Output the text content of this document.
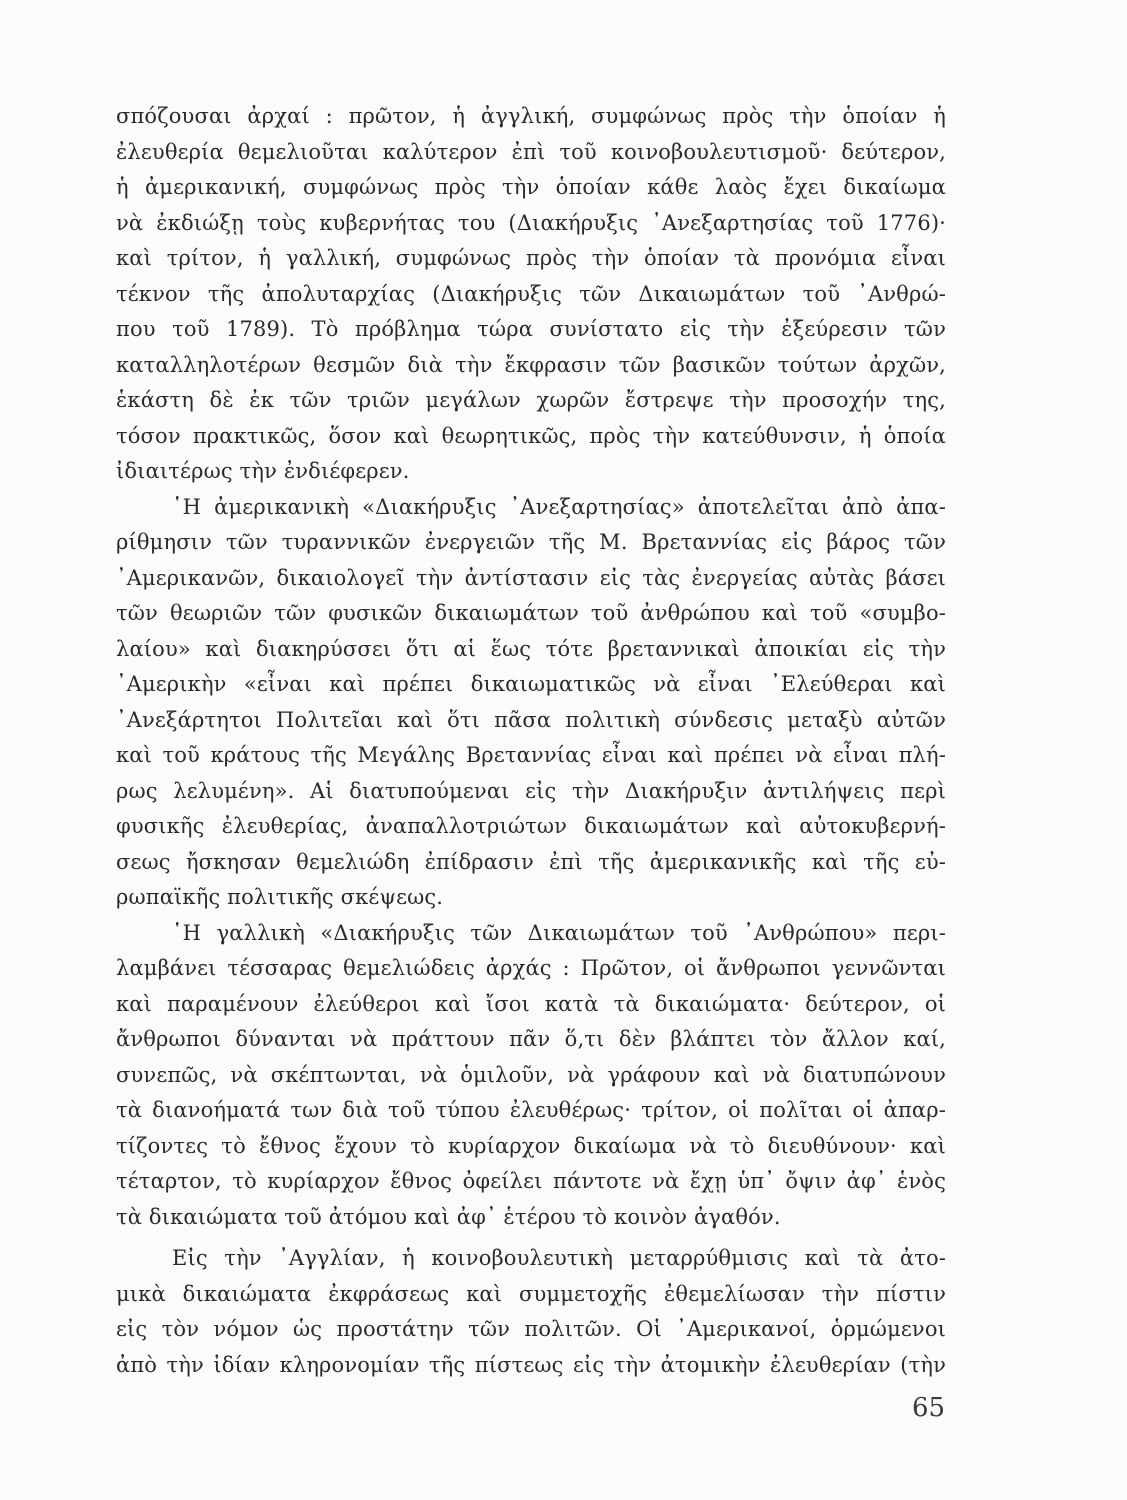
σπόζουσαι ἀρχαί : πρῶτον, ἡ ἀγγλική, συμφώνως πρὸς τὴν ὁποίαν ἡ
ἐλευθερία θεμελιοῦται καλύτερον ἐπὶ τοῦ κοινοβουλευτισμοῦ· δεύτερον,
ἡ ἀμερικανική, συμφώνως πρὸς τὴν ὁποίαν κάθε λαὸς ἔχει δικαίωμα
νὰ ἐκδιώξῃ τοὺς κυβερνήτας του (Διακήρυξις ᾿Ανεξαρτησίας τοῦ 1776)·
καὶ τρίτον, ἡ γαλλική, συμφώνως πρὸς τὴν ὁποίαν τὰ προνόμια εἶναι
τέκνον τῆς ἀπολυταρχίας (Διακήρυξις τῶν Δικαιωμάτων τοῦ ᾿Ανθρώ-
που τοῦ 1789). Τὸ πρόβλημα τώρα συνίστατο εἰς τὴν ἐξεύρεσιν τῶν
καταλληλοτέρων θεσμῶν διὰ τὴν ἔκφρασιν τῶν βασικῶν τούτων ἀρχῶν,
ἑκάστη δὲ ἐκ τῶν τριῶν μεγάλων χωρῶν ἔστρεψε τὴν προσοχήν της,
τόσον πρακτικῶς, ὅσον καὶ θεωρητικῶς, πρὸς τὴν κατεύθυνσιν, ἡ ὁποία
ἰδιαιτέρως τὴν ἐνδιέφερεν.
῾Η ἀμερικανικὴ «Διακήρυξις ᾿Ανεξαρτησίας» ἀποτελεῖται ἀπὸ ἀπα-
ρίθμησιν τῶν τυραννικῶν ἐνεργειῶν τῆς Μ. Βρεταννίας εἰς βάρος τῶν
᾿Αμερικανῶν, δικαιολογεῖ τὴν ἀντίστασιν εἰς τὰς ἐνεργείας αὐτὰς βάσει
τῶν θεωριῶν τῶν φυσικῶν δικαιωμάτων τοῦ ἀνθρώπου καὶ τοῦ «συμβο-
λαίου» καὶ διακηρύσσει ὅτι αἱ ἕως τότε βρεταννικαὶ ἀποικίαι εἰς τὴν
᾿Αμερικὴν «εἶναι καὶ πρέπει δικαιωματικῶς νὰ εἶναι ᾿Ελεύθεραι καὶ
᾿Ανεξάρτητοι Πολιτεῖαι καὶ ὅτι πᾶσα πολιτικὴ σύνδεσις μεταξὺ αὐτῶν
καὶ τοῦ κράτους τῆς Μεγάλης Βρεταννίας εἶναι καὶ πρέπει νὰ εἶναι πλή-
ρως λελυμένη». Αἱ διατυπούμεναι εἰς τὴν Διακήρυξιν ἀντιλήψεις περὶ
φυσικῆς ἐλευθερίας, ἀναπαλλοτριώτων δικαιωμάτων καὶ αὐτοκυβερνή-
σεως ἤσκησαν θεμελιώδη ἐπίδρασιν ἐπὶ τῆς ἀμερικανικῆς καὶ τῆς εὐ-
ρωπαϊκῆς πολιτικῆς σκέψεως.
῾Η γαλλικὴ «Διακήρυξις τῶν Δικαιωμάτων τοῦ ᾿Ανθρώπου» περι-
λαμβάνει τέσσαρας θεμελιώδεις ἀρχάς : Πρῶτον, οἱ ἄνθρωποι γεννῶνται
καὶ παραμένουν ἐλεύθεροι καὶ ἴσοι κατὰ τὰ δικαιώματα· δεύτερον, οἱ
ἄνθρωποι δύνανται νὰ πράττουν πᾶν ὅ,τι δὲν βλάπτει τὸν ἄλλον καί,
συνεπῶς, νὰ σκέπτωνται, νὰ ὁμιλοῦν, νὰ γράφουν καὶ νὰ διατυπώνουν
τὰ διανοήματά των διὰ τοῦ τύπου ἐλευθέρως· τρίτον, οἱ πολῖται οἱ ἀπαρ-
τίζοντες τὸ ἔθνος ἔχουν τὸ κυρίαρχον δικαίωμα νὰ τὸ διευθύνουν· καὶ
τέταρτον, τὸ κυρίαρχον ἔθνος ὀφείλει πάντοτε νὰ ἔχῃ ὑπ᾿ ὄψιν ἀφ᾿ ἑνὸς
τὰ δικαιώματα τοῦ ἀτόμου καὶ ἀφ᾿ ἑτέρου τὸ κοινὸν ἀγαθόν.
Εἰς τὴν ᾿Αγγλίαν, ἡ κοινοβουλευτικὴ μεταρρύθμισις καὶ τὰ ἀτο-
μικὰ δικαιώματα ἐκφράσεως καὶ συμμετοχῆς ἐθεμελίωσαν τὴν πίστιν
εἰς τὸν νόμον ὡς προστάτην τῶν πολιτῶν. Οἱ ᾿Αμερικανοί, ὁρμώμενοι
ἀπὸ τὴν ἰδίαν κληρονομίαν τῆς πίστεως εἰς τὴν ἀτομικὴν ἐλευθερίαν (τὴν
65
